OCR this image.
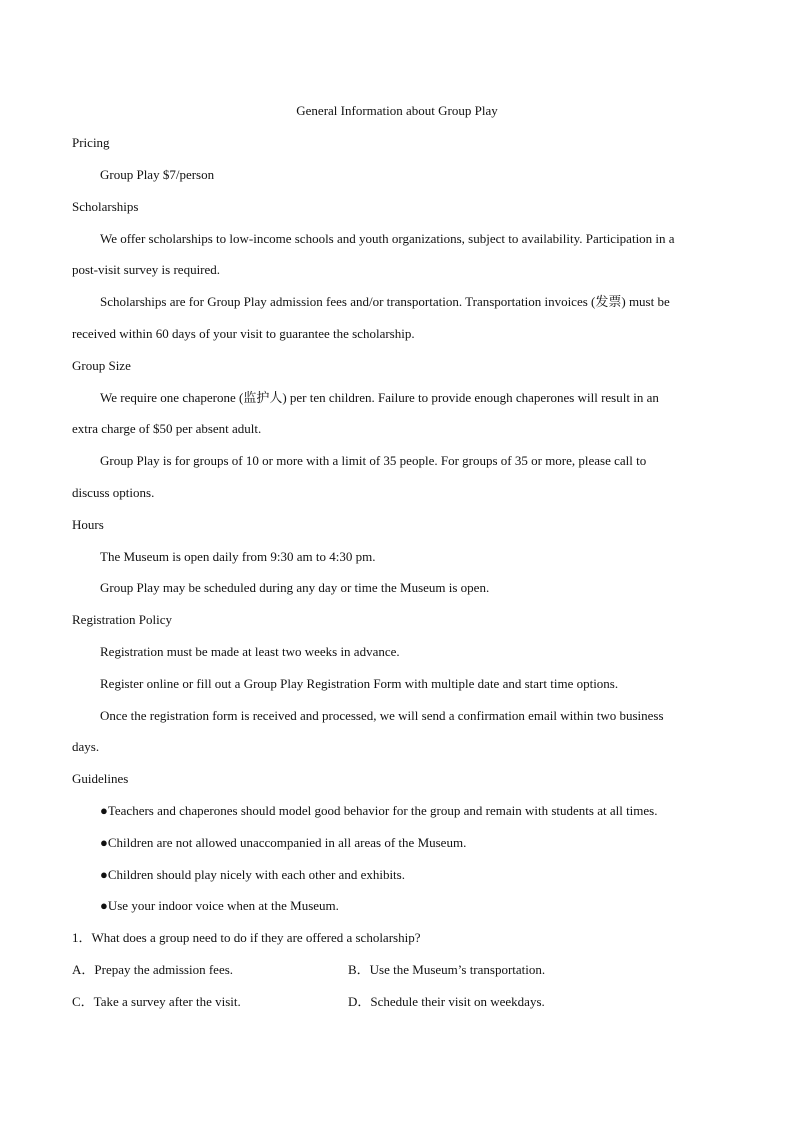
General Information about Group Play
Pricing
Group Play $7/person
Scholarships
We offer scholarships to low-income schools and youth organizations, subject to availability. Participation in a
post-visit survey is required.
Scholarships are for Group Play admission fees and/or transportation. Transportation invoices (发票) must be
received within 60 days of your visit to guarantee the scholarship.
Group Size
We require one chaperone (监护人) per ten children. Failure to provide enough chaperones will result in an
extra charge of $50 per absent adult.
Group Play is for groups of 10 or more with a limit of 35 people. For groups of 35 or more, please call to
discuss options.
Hours
The Museum is open daily from 9:30 am to 4:30 pm.
Group Play may be scheduled during any day or time the Museum is open.
Registration Policy
Registration must be made at least two weeks in advance.
Register online or fill out a Group Play Registration Form with multiple date and start time options.
Once the registration form is received and processed, we will send a confirmation email within two business
days.
Guidelines
●Teachers and chaperones should model good behavior for the group and remain with students at all times.
●Children are not allowed unaccompanied in all areas of the Museum.
●Children should play nicely with each other and exhibits.
●Use your indoor voice when at the Museum.
1．What does a group need to do if they are offered a scholarship?
A．Prepay the admission fees.	B．Use the Museum’s transportation.
C．Take a survey after the visit.	D．Schedule their visit on weekdays.
